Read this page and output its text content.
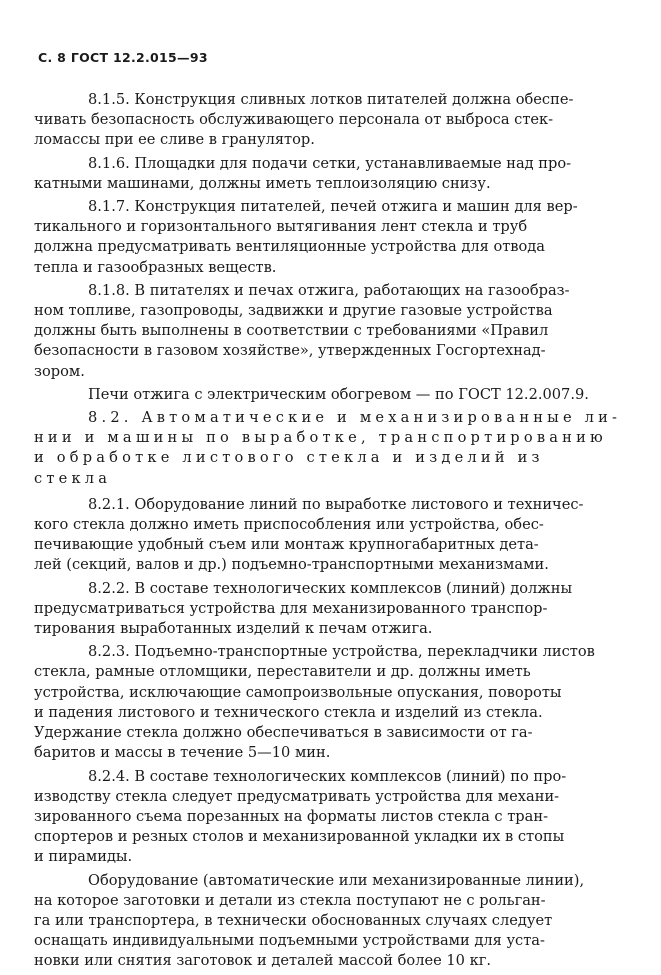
С. 8 ГОСТ 12.2.015—93
8.1.5. Конструкция сливных лотков питателей должна обеспе-
чивать безопасность обслуживающего персонала от выброса стек-
ломассы при ее сливе в гранулятор.
8.1.6. Площадки для подачи сетки, устанавливаемые над про-
катными машинами, должны иметь теплоизоляцию снизу.
8.1.7. Конструкция питателей, печей отжига и машин для вер-
тикального и горизонтального вытягивания лент стекла и труб
должна предусматривать вентиляционные устройства для отвода
тепла и газообразных веществ.
8.1.8. В питателях и печах отжига, работающих на газообраз-
ном топливе, газопроводы, задвижки и другие газовые устройства
должны быть выполнены в соответствии с требованиями «Правил
безопасности в газовом хозяйстве», утвержденных Госгортехнад-
зором.
Печи отжига с электрическим обогревом — по ГОСТ 12.2.007.9.
8.2. Автоматические и механизированные ли-
нии и машины по выработке, транспортированию
и обработке листового стекла и изделий из
стекла
8.2.1. Оборудование линий по выработке листового и техничес-
кого стекла должно иметь приспособления или устройства, обес-
печивающие удобный съем или монтаж крупногабаритных дета-
лей (секций, валов и др.) подъемно-транспортными механизмами.
8.2.2. В составе технологических комплексов (линий) должны
предусматриваться устройства для механизированного транспор-
тирования выработанных изделий к печам отжига.
8.2.3. Подъемно-транспортные устройства, перекладчики листов
стекла, рамные отломщики, переставители и др. должны иметь
устройства, исключающие самопроизвольные опускания, повороты
и падения листового и технического стекла и изделий из стекла.
Удержание стекла должно обеспечиваться в зависимости от га-
баритов и массы в течение 5—10 мин.
8.2.4. В составе технологических комплексов (линий) по про-
изводству стекла следует предусматривать устройства для механи-
зированного съема порезанных на форматы листов стекла с тран-
спортеров и резных столов и механизированной укладки их в стопы
и пирамиды.
Оборудование (автоматические или механизированные линии),
на которое заготовки и детали из стекла поступают не с рольган-
га или транспортера, в технически обоснованных случаях следует
оснащать индивидуальными подъемными устройствами для уста-
новки или снятия заготовок и деталей массой более 10 кг.
